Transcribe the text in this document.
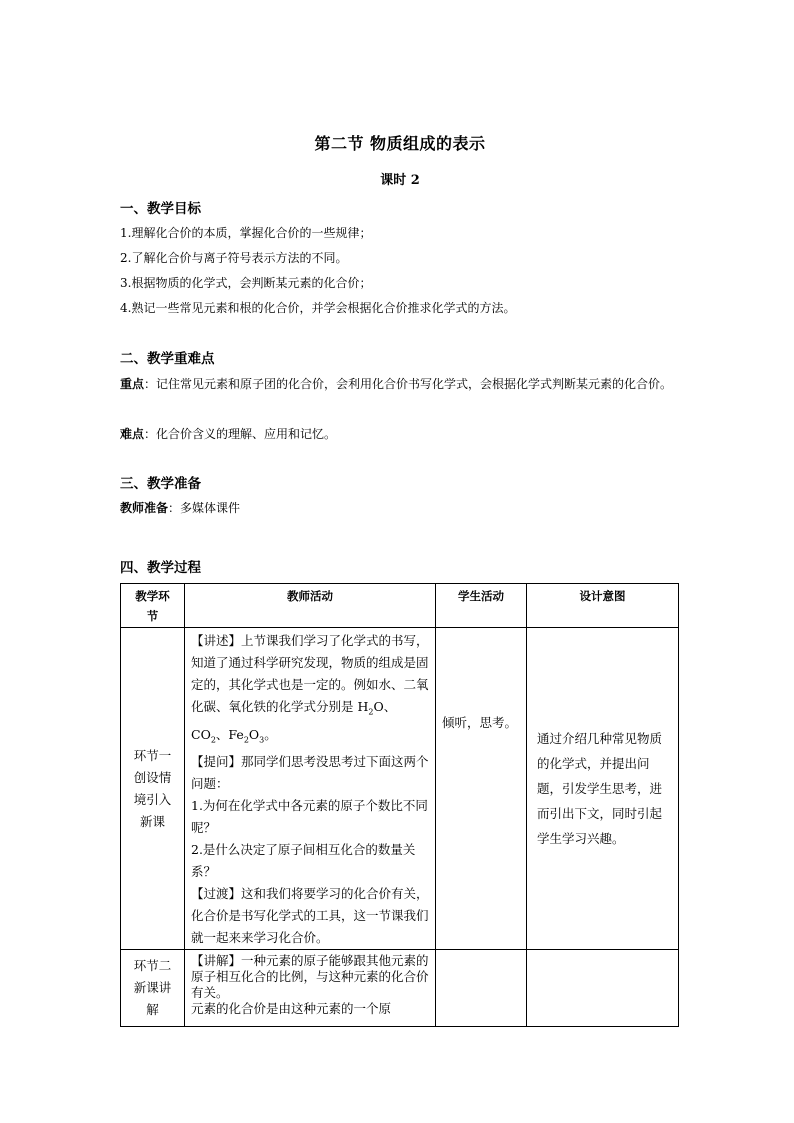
第二节 物质组成的表示
课时 2
一、教学目标
1.理解化合价的本质，掌握化合价的一些规律；
2.了解化合价与离子符号表示方法的不同。
3.根据物质的化学式，会判断某元素的化合价；
4.熟记一些常见元素和根的化合价，并学会根据化合价推求化学式的方法。
二、教学重难点
重点：记住常见元素和原子团的化合价，会利用化合价书写化学式，会根据化学式判断某元素的化合价。
难点：化合价含义的理解、应用和记忆。
三、教学准备
教师准备：多媒体课件
四、教学过程
教学环节	教师活动	学生活动	设计意图
环节一创设情境引入新课	【讲述】上节课我们学习了化学式的书写，知道了通过科学研究发现，物质的组成是固定的，其化学式也是一定的。例如水、二氧化碳、氧化铁的化学式分别是 $H_2O$、$CO_2$、$Fe_2O_3$。
【提问】那同学们思考没思考过下面这两个问题：
1.为何在化学式中各元素的原子个数比不同呢？
2.是什么决定了原子间相互化合的数量关系？
【过渡】这和我们将要学习的化合价有关，化合价是书写化学式的工具，这一节课我们就一起来来学习化合价。	倾听，思考。	通过介绍几种常见物质的化学式，并提出问题，引发学生思考，进而引出下文，同时引起学生学习兴趣。
环节二新课讲解	【讲解】一种元素的原子能够跟其他元素的原子相互化合的比例，与这种元素的化合价有关。
元素的化合价是由这种元素的一个原		
